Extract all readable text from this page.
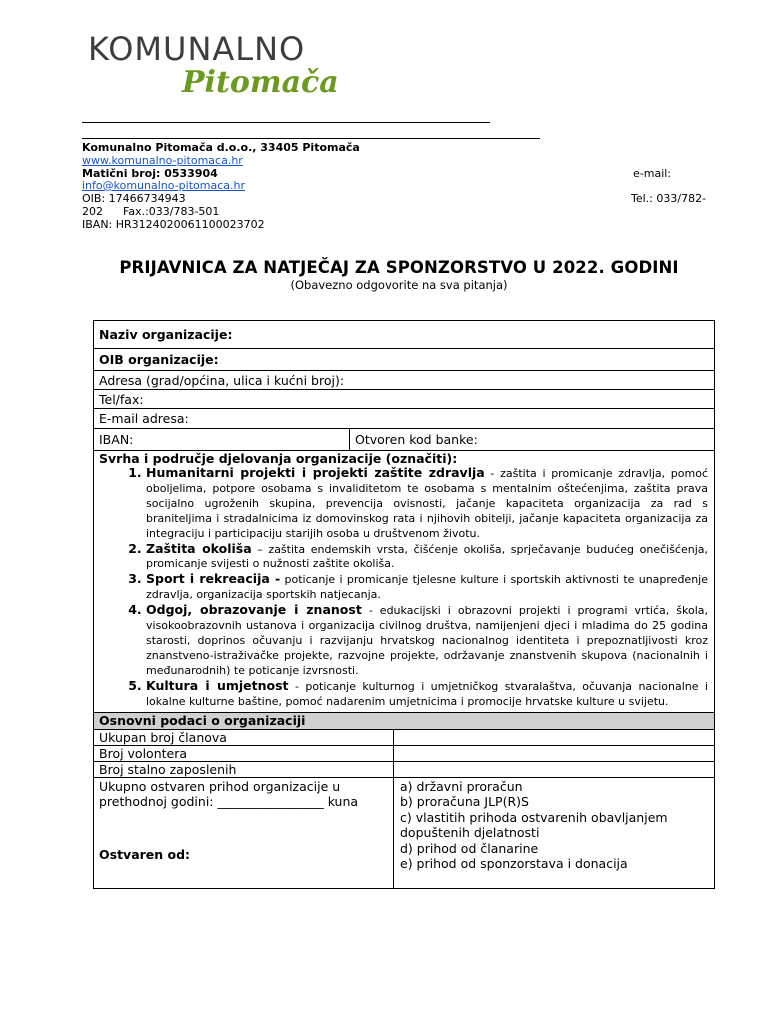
KOMUNALNO
Pitomača
Komunalno Pitomača d.o.o., 33405 Pitomača
www.komunalno-pitomaca.hr
Matični broj: 0533904	e-mail:
info@komunalno-pitomaca.hr
OIB: 17466734943	Tel.: 033/782-
202 Fax.:033/783-501
IBAN: HR3124020061100023702
PRIJAVNICA ZA NATJEČAJ ZA SPONZORSTVO U 2022. GODINI
(Obavezno odgovorite na sva pitanja)
Naziv organizacije:
OIB organizacije:
Adresa (grad/općina, ulica i kućni broj):
Tel/fax:
E-mail adresa:
IBAN:	Otvoren kod banke:
Svrha i područje djelovanja organizacije (označiti):
1. Humanitarni projekti i projekti zaštite zdravlja - zaštita i promicanje zdravlja, pomoć oboljelima, potpore osobama s invaliditetom te osobama s mentalnim oštećenjima, zaštita prava socijalno ugroženih skupina, prevencija ovisnosti, jačanje kapaciteta organizacija za rad s braniteljima i stradalnicima iz domovinskog rata i njihovih obitelji, jačanje kapaciteta organizacija za integraciju i participaciju starijih osoba u društvenom životu.
2. Zaštita okoliša – zaštita endemskih vrsta, čišćenje okoliša, sprječavanje budućeg onečišćenja, promicanje svijesti o nužnosti zaštite okoliša.
3. Sport i rekreacija - poticanje i promicanje tjelesne kulture i sportskih aktivnosti te unapređenje zdravlja, organizacija sportskih natjecanja.
4. Odgoj, obrazovanje i znanost - edukacijski i obrazovni projekti i programi vrtića, škola, visokoobrazovnih ustanova i organizacija civilnog društva, namijenjeni djeci i mladima do 25 godina starosti, doprinos očuvanju i razvijanju hrvatskog nacionalnog identiteta i prepoznatljivosti kroz znanstveno-istraživačke projekte, razvojne projekte, održavanje znanstvenih skupova (nacionalnih i međunarodnih) te poticanje izvrsnosti.
5. Kultura i umjetnost - poticanje kulturnog i umjetničkog stvaralaštva, očuvanja nacionalne i lokalne kulturne baštine, pomoć nadarenim umjetnicima i promocije hrvatske kulture u svijetu.
Osnovni podaci o organizaciji
Ukupan broj članova
Broj volontera
Broj stalno zaposlenih
Ukupno ostvaren prihod organizacije u prethodnoj godini: _________________ kuna
Ostvaren od:
a) državni proračun
b) proračuna JLP(R)S
c) vlastitih prihoda ostvarenih obavljanjem dopuštenih djelatnosti
d) prihod od članarine
e) prihod od sponzorstava i donacija
